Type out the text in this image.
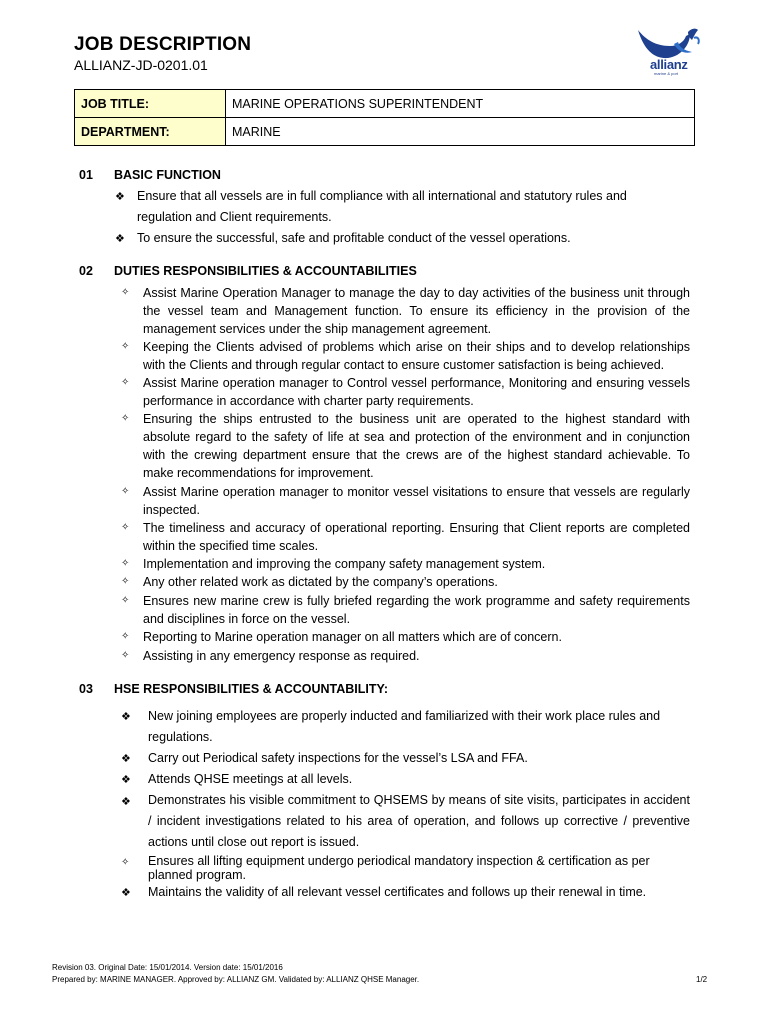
JOB DESCRIPTION
ALLIANZ-JD-0201.01	allianz
marine & port
JOB TITLE:	MARINE OPERATIONS SUPERINTENDENT
DEPARTMENT:	MARINE
01 BASIC FUNCTION
❖ Ensure that all vessels are in full compliance with all international and statutory rules and regulation and Client requirements.
❖ To ensure the successful, safe and profitable conduct of the vessel operations.
02 DUTIES RESPONSIBILITIES & ACCOUNTABILITIES
✧ Assist Marine Operation Manager to manage the day to day activities of the business unit through the vessel team and Management function. To ensure its efficiency in the provision of the management services under the ship management agreement.
✧ Keeping the Clients advised of problems which arise on their ships and to develop relationships with the Clients and through regular contact to ensure customer satisfaction is being achieved.
✧ Assist Marine operation manager to Control vessel performance, Monitoring and ensuring vessels performance in accordance with charter party requirements.
✧ Ensuring the ships entrusted to the business unit are operated to the highest standard with absolute regard to the safety of life at sea and protection of the environment and in conjunction with the crewing department ensure that the crews are of the highest standard achievable. To make recommendations for improvement.
✧ Assist Marine operation manager to monitor vessel visitations to ensure that vessels are regularly inspected.
✧ The timeliness and accuracy of operational reporting. Ensuring that Client reports are completed within the specified time scales.
✧ Implementation and improving the company safety management system.
✧ Any other related work as dictated by the company’s operations.
✧ Ensures new marine crew is fully briefed regarding the work programme and safety requirements and disciplines in force on the vessel.
✧ Reporting to Marine operation manager on all matters which are of concern.
✧ Assisting in any emergency response as required.
03 HSE RESPONSIBILITIES & ACCOUNTABILITY:
❖ New joining employees are properly inducted and familiarized with their work place rules and regulations.
❖ Carry out Periodical safety inspections for the vessel’s LSA and FFA.
❖ Attends QHSE meetings at all levels.
❖ Demonstrates his visible commitment to QHSEMS by means of site visits, participates in accident / incident investigations related to his area of operation, and follows up corrective / preventive actions until close out report is issued.
✧ Ensures all lifting equipment undergo periodical mandatory inspection & certification as per planned program.
❖ Maintains the validity of all relevant vessel certificates and follows up their renewal in time.
Revision 03. Original Date: 15/01/2014. Version date: 15/01/2016
Prepared by: MARINE MANAGER. Approved by: ALLIANZ GM. Validated by: ALLIANZ QHSE Manager.	1/2
